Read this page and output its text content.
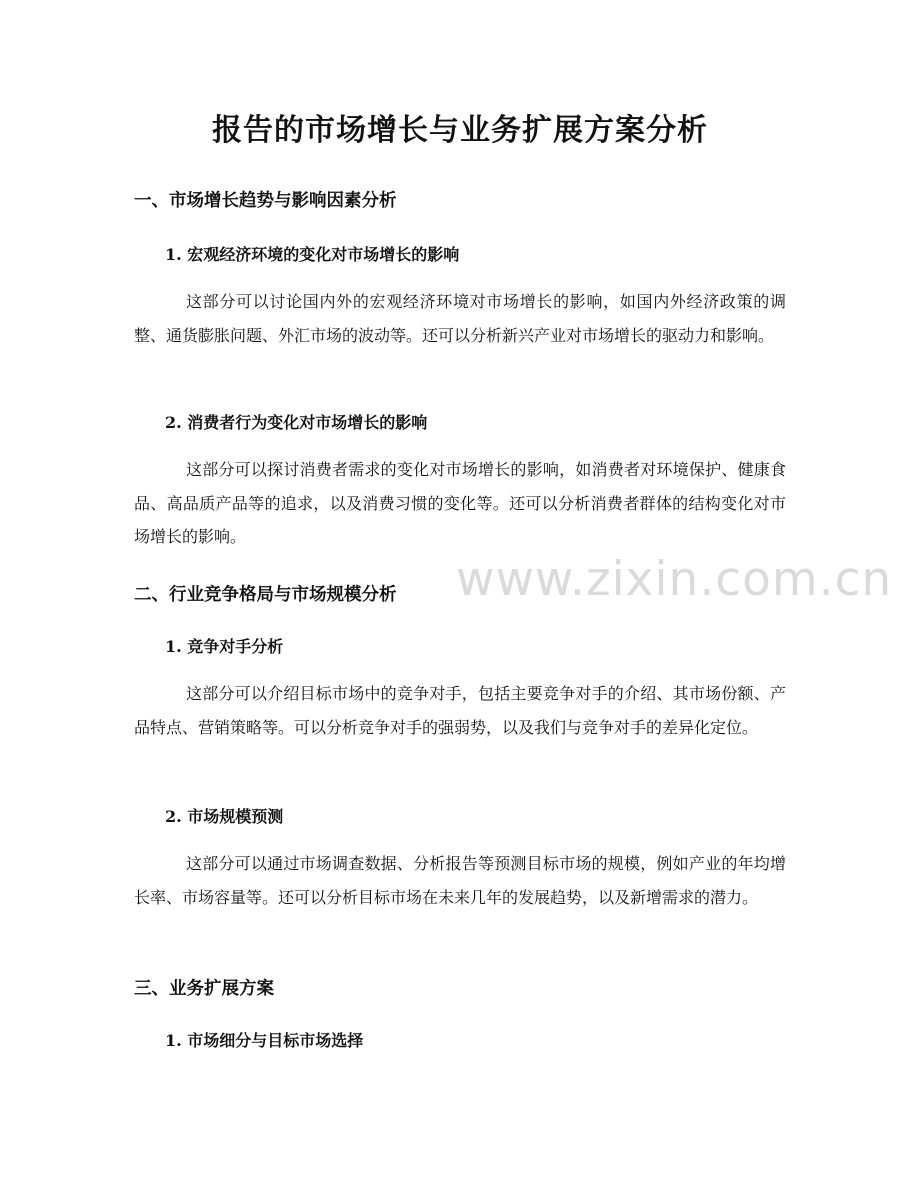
报告的市场增长与业务扩展方案分析
一、市场增长趋势与影响因素分析
1. 宏观经济环境的变化对市场增长的影响

这部分可以讨论国内外的宏观经济环境对市场增长的影响，如国内外经济政策的调整、通货膨胀问题、外汇市场的波动等。还可以分析新兴产业对市场增长的驱动力和影响。

2. 消费者行为变化对市场增长的影响

这部分可以探讨消费者需求的变化对市场增长的影响，如消费者对环境保护、健康食品、高品质产品等的追求，以及消费习惯的变化等。还可以分析消费者群体的结构变化对市场增长的影响。

二、行业竞争格局与市场规模分析
1. 竞争对手分析

这部分可以介绍目标市场中的竞争对手，包括主要竞争对手的介绍、其市场份额、产品特点、营销策略等。可以分析竞争对手的强弱势，以及我们与竞争对手的差异化定位。

2. 市场规模预测

这部分可以通过市场调查数据、分析报告等预测目标市场的规模，例如产业的年均增长率、市场容量等。还可以分析目标市场在未来几年的发展趋势，以及新增需求的潜力。

三、业务扩展方案
1. 市场细分与目标市场选择
www.zixin.com.cn
